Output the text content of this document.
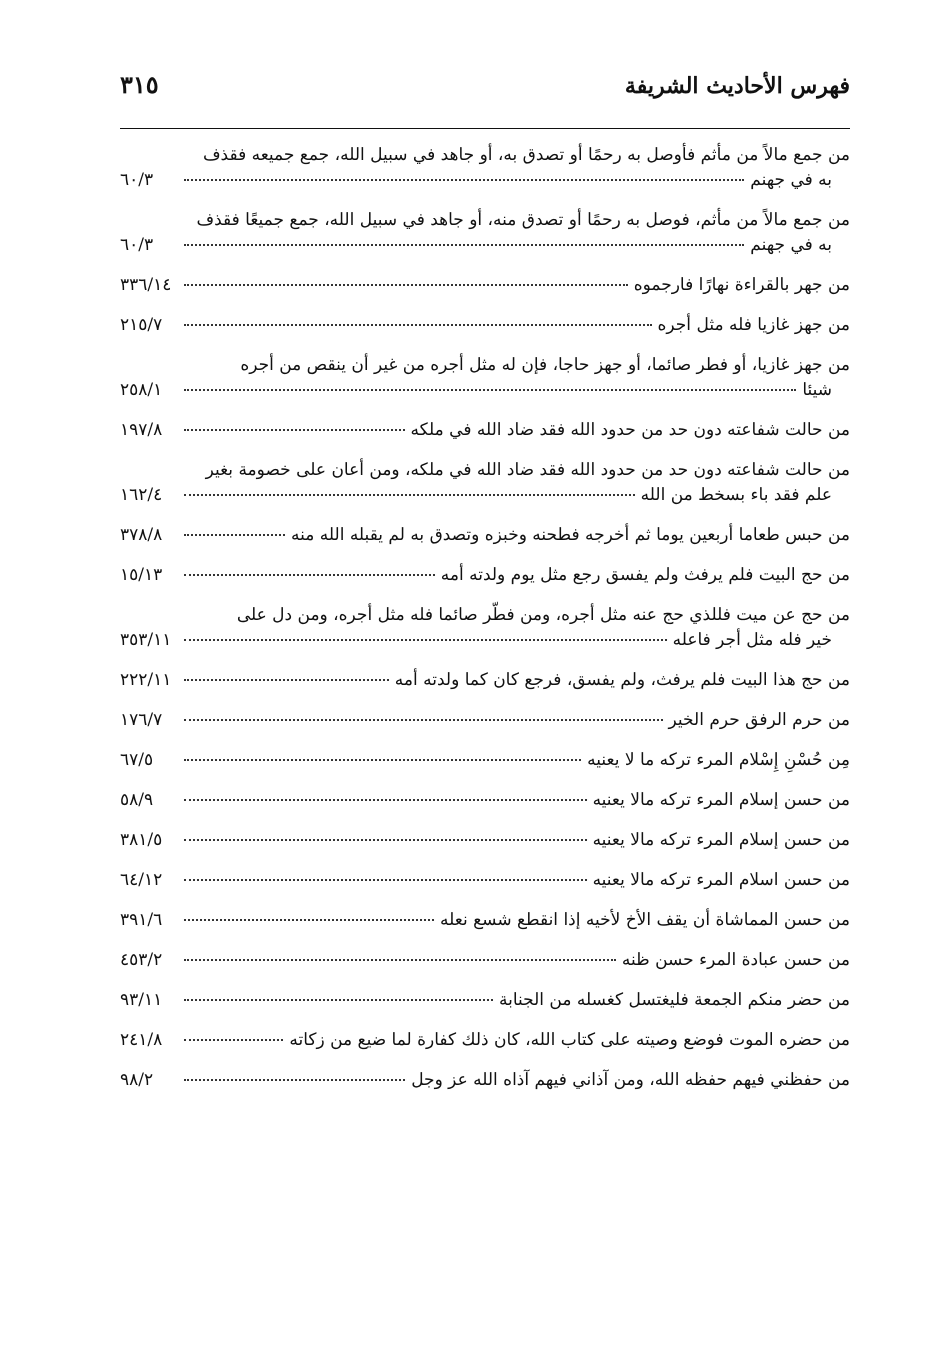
فهرس الأحاديث الشريفة
٣١٥
من جمع مالاً من مأثم فأوصل به رحمًا أو تصدق به، أو جاهد في سبيل الله، جمع جميعه فقذف
به في جهنم
٦٠/٣
من جمع مالاً من مأثم، فوصل به رحمًا أو تصدق منه، أو جاهد في سبيل الله، جمع جميعًا فقذف
به في جهنم
٦٠/٣
من جهر بالقراءة نهارًا فارجموه
٣٣٦/١٤
من جهز غازيا فله مثل أجره
٢١٥/٧
من جهز غازيا، أو فطر صائما، أو جهز حاجا، فإن له مثل أجره من غير أن ينقص من أجره
شيئا
٢٥٨/١
من حالت شفاعته دون حد من حدود الله فقد ضاد الله في ملكه
١٩٧/٨
من حالت شفاعته دون حد من حدود الله فقد ضاد الله في ملكه، ومن أعان على خصومة بغير
علم فقد باء بسخط من الله
١٦٢/٤
من حبس طعاما أربعين يوما ثم أخرجه فطحنه وخبزه وتصدق به لم يقبله الله منه
٣٧٨/٨
من حج البيت فلم يرفث ولم يفسق رجع مثل يوم ولدته أمه
١٥/١٣
من حج عن ميت فللذي حج عنه مثل أجره، ومن فطّر صائما فله مثل أجره، ومن دل على
خير فله مثل أجر فاعله
٣٥٣/١١
من حج هذا البيت فلم يرفث، ولم يفسق، فرجع كان كما ولدته أمه
٢٢٢/١١
من حرم الرفق حرم الخير
١٧٦/٧
مِن حُسْنِ إِسْلام المرء تركه ما لا يعنيه
٦٧/٥
من حسن إسلام المرء تركه مالا يعنيه
٥٨/٩
من حسن إسلام المرء تركه مالا يعنيه
٣٨١/٥
من حسن اسلام المرء تركه مالا يعنيه
٦٤/١٢
من حسن المماشاة أن يقف الأخ لأخيه إذا انقطع شسع نعله
٣٩١/٦
من حسن عبادة المرء حسن ظنه
٤٥٣/٢
من حضر منكم الجمعة فليغتسل كغسله من الجنابة
٩٣/١١
من حضره الموت فوضع وصيته على كتاب الله، كان ذلك كفارة لما ضيع من زكاته
٢٤١/٨
من حفظني فيهم حفظه الله، ومن آذاني فيهم آذاه الله عز وجل
٩٨/٢
